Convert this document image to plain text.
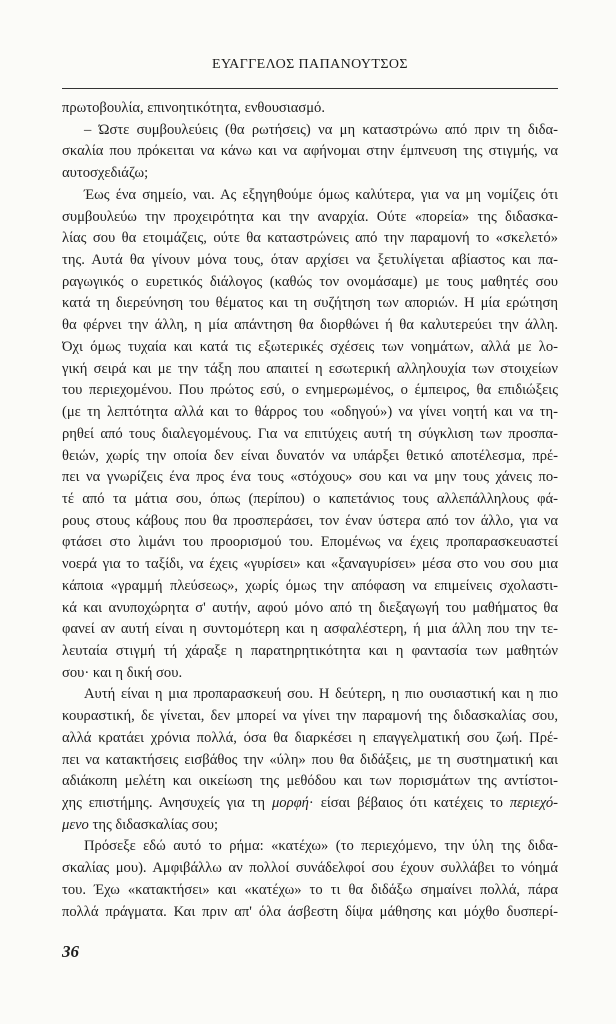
ΕΥΑΓΓΕΛΟΣ ΠΑΠΑΝΟΥΤΣΟΣ
πρωτοβουλία, επινοητικότητα, ενθουσιασμό.
– Ώστε συμβουλεύεις (θα ρωτήσεις) να μη καταστρώνω από πριν τη διδα-
σκαλία που πρόκειται να κάνω και να αφήνομαι στην έμπνευση της στιγμής, να
αυτοσχεδιάζω;
Έως ένα σημείο, ναι. Ας εξηγηθούμε όμως καλύτερα, για να μη νομίζεις ότι
συμβουλεύω την προχειρότητα και την αναρχία. Ούτε «πορεία» της διδασκα-
λίας σου θα ετοιμάζεις, ούτε θα καταστρώνεις από την παραμονή το «σκελετό»
της. Αυτά θα γίνουν μόνα τους, όταν αρχίσει να ξετυλίγεται αβίαστος και πα-
ραγωγικός ο ευρετικός διάλογος (καθώς τον ονομάσαμε) με τους μαθητές σου
κατά τη διερεύνηση του θέματος και τη συζήτηση των αποριών. Η μία ερώτηση
θα φέρνει την άλλη, η μία απάντηση θα διορθώνει ή θα καλυτερεύει την άλλη.
Όχι όμως τυχαία και κατά τις εξωτερικές σχέσεις των νοημάτων, αλλά με λο-
γική σειρά και με την τάξη που απαιτεί η εσωτερική αλληλουχία των στοιχείων
του περιεχομένου. Που πρώτος εσύ, ο ενημερωμένος, ο έμπειρος, θα επιδιώξεις
(με τη λεπτότητα αλλά και το θάρρος του «οδηγού») να γίνει νοητή και να τη-
ρηθεί από τους διαλεγομένους. Για να επιτύχεις αυτή τη σύγκλιση των προσπα-
θειών, χωρίς την οποία δεν είναι δυνατόν να υπάρξει θετικό αποτέλεσμα, πρέ-
πει να γνωρίζεις ένα προς ένα τους «στόχους» σου και να μην τους χάνεις πο-
τέ από τα μάτια σου, όπως (περίπου) ο καπετάνιος τους αλλεπάλληλους φά-
ρους στους κάβους που θα προσπεράσει, τον έναν ύστερα από τον άλλο, για να
φτάσει στο λιμάνι του προορισμού του. Επομένως να έχεις προπαρασκευαστεί
νοερά για το ταξίδι, να έχεις «γυρίσει» και «ξαναγυρίσει» μέσα στο νου σου μια
κάποια «γραμμή πλεύσεως», χωρίς όμως την απόφαση να επιμείνεις σχολαστι-
κά και ανυποχώρητα σ' αυτήν, αφού μόνο από τη διεξαγωγή του μαθήματος θα
φανεί αν αυτή είναι η συντομότερη και η ασφαλέστερη, ή μια άλλη που την τε-
λευταία στιγμή τή χάραξε η παρατηρητικότητα και η φαντασία των μαθητών
σου· και η δική σου.
Αυτή είναι η μια προπαρασκευή σου. Η δεύτερη, η πιο ουσιαστική και η πιο
κουραστική, δε γίνεται, δεν μπορεί να γίνει την παραμονή της διδασκαλίας σου,
αλλά κρατάει χρόνια πολλά, όσα θα διαρκέσει η επαγγελματική σου ζωή. Πρέ-
πει να κατακτήσεις εισβάθος την «ύλη» που θα διδάξεις, με τη συστηματική και
αδιάκοπη μελέτη και οικείωση της μεθόδου και των πορισμάτων της αντίστοι-
χης επιστήμης. Ανησυχείς για τη μορφή· είσαι βέβαιος ότι κατέχεις το περιεχό-
μενο της διδασκαλίας σου;
Πρόσεξε εδώ αυτό το ρήμα: «κατέχω» (το περιεχόμενο, την ύλη της διδα-
σκαλίας μου). Αμφιβάλλω αν πολλοί συνάδελφοί σου έχουν συλλάβει το νόημά
του. Έχω «κατακτήσει» και «κατέχω» το τι θα διδάξω σημαίνει πολλά, πάρα
πολλά πράγματα. Και πριν απ' όλα άσβεστη δίψα μάθησης και μόχθο δυσπερί-
36
